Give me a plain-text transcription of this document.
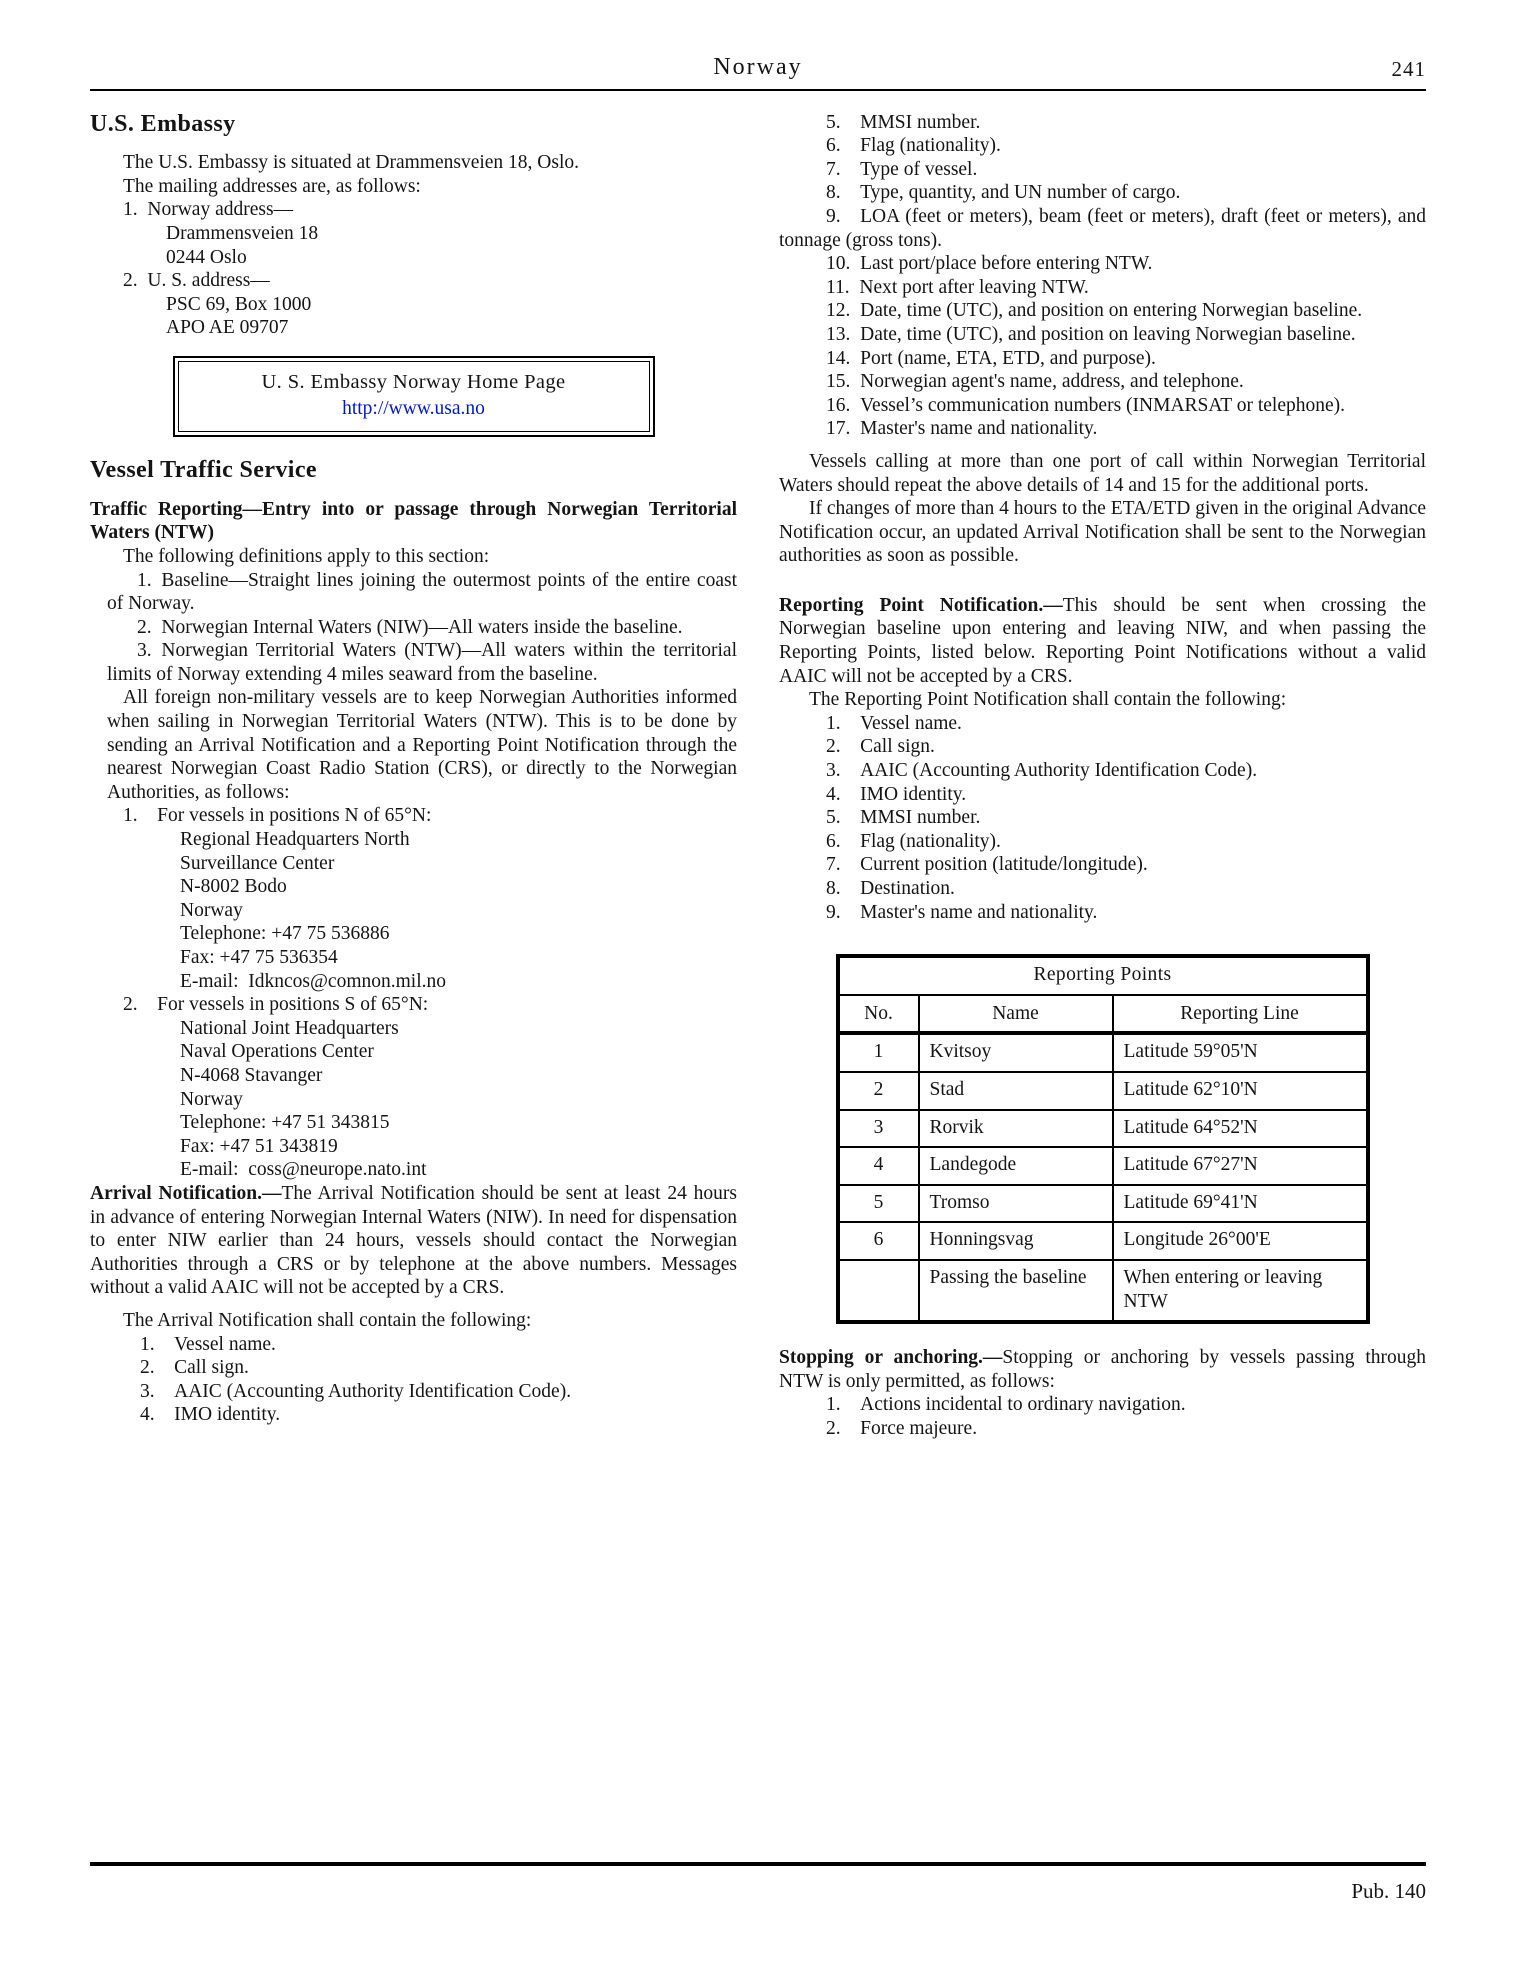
Norway	241
U.S. Embassy

The U.S. Embassy is situated at Drammensveien 18, Oslo.

The mailing addresses are, as follows:

1. Norway address—
Drammensveien 18
0244 Oslo
2. U. S. address—
PSC 69, Box 1000
APO AE 09707
U. S. Embassy Norway Home Page
http://www.usa.no
Vessel Traffic Service

Traffic Reporting—Entry into or passage through Norwegian Territorial Waters (NTW)

The following definitions apply to this section:

1. Baseline—Straight lines joining the outermost points of the entire coast of Norway.

2. Norwegian Internal Waters (NIW)—All waters inside the baseline.

3. Norwegian Territorial Waters (NTW)—All waters within the territorial limits of Norway extending 4 miles seaward from the baseline.

All foreign non-military vessels are to keep Norwegian Authorities informed when sailing in Norwegian Territorial Waters (NTW). This is to be done by sending an Arrival Notification and a Reporting Point Notification through the nearest Norwegian Coast Radio Station (CRS), or directly to the Norwegian Authorities, as follows:

1. For vessels in positions N of 65°N:
Regional Headquarters North
Surveillance Center
N-8002 Bodo
Norway
Telephone: +47 75 536886
Fax: +47 75 536354
E-mail: Idkncos@comnon.mil.no
2. For vessels in positions S of 65°N:
National Joint Headquarters
Naval Operations Center
N-4068 Stavanger
Norway
Telephone: +47 51 343815
Fax: +47 51 343819
E-mail: coss@neurope.nato.int

Arrival Notification.—The Arrival Notification should be sent at least 24 hours in advance of entering Norwegian Internal Waters (NIW). In need for dispensation to enter NIW earlier than 24 hours, vessels should contact the Norwegian Authorities through a CRS or by telephone at the above numbers. Messages without a valid AAIC will not be accepted by a CRS.

The Arrival Notification shall contain the following:

1. Vessel name.
2. Call sign.
3. AAIC (Accounting Authority Identification Code).
4. IMO identity.

5. MMSI number.

6. Flag (nationality).

7. Type of vessel.

8. Type, quantity, and UN number of cargo.

9. LOA (feet or meters), beam (feet or meters), draft (feet or meters), and tonnage (gross tons).

10. Last port/place before entering NTW.

11. Next port after leaving NTW.

12. Date, time (UTC), and position on entering Norwegian baseline.

13. Date, time (UTC), and position on leaving Norwegian baseline.

14. Port (name, ETA, ETD, and purpose).

15. Norwegian agent's name, address, and telephone.

16. Vessel’s communication numbers (INMARSAT or telephone).

17. Master's name and nationality.

Vessels calling at more than one port of call within Norwegian Territorial Waters should repeat the above details of 14 and 15 for the additional ports.

If changes of more than 4 hours to the ETA/ETD given in the original Advance Notification occur, an updated Arrival Notification shall be sent to the Norwegian authorities as soon as possible.

Reporting Point Notification.—This should be sent when crossing the Norwegian baseline upon entering and leaving NIW, and when passing the Reporting Points, listed below. Reporting Point Notifications without a valid AAIC will not be accepted by a CRS.

The Reporting Point Notification shall contain the following:

1. Vessel name.

2. Call sign.

3. AAIC (Accounting Authority Identification Code).

4. IMO identity.

5. MMSI number.

6. Flag (nationality).

7. Current position (latitude/longitude).

8. Destination.

9. Master's name and nationality.

Reporting Points		
No.	Name	Reporting Line
1	Kvitsoy	Latitude 59°05'N
2	Stad	Latitude 62°10'N
3	Rorvik	Latitude 64°52'N
4	Landegode	Latitude 67°27'N
5	Tromso	Latitude 69°41'N
6	Honningsvag	Longitude 26°00'E
	Passing the baseline	When entering or leaving NTW

Stopping or anchoring.—Stopping or anchoring by vessels passing through NTW is only permitted, as follows:

1. Actions incidental to ordinary navigation.

2. Force majeure.

Pub. 140
